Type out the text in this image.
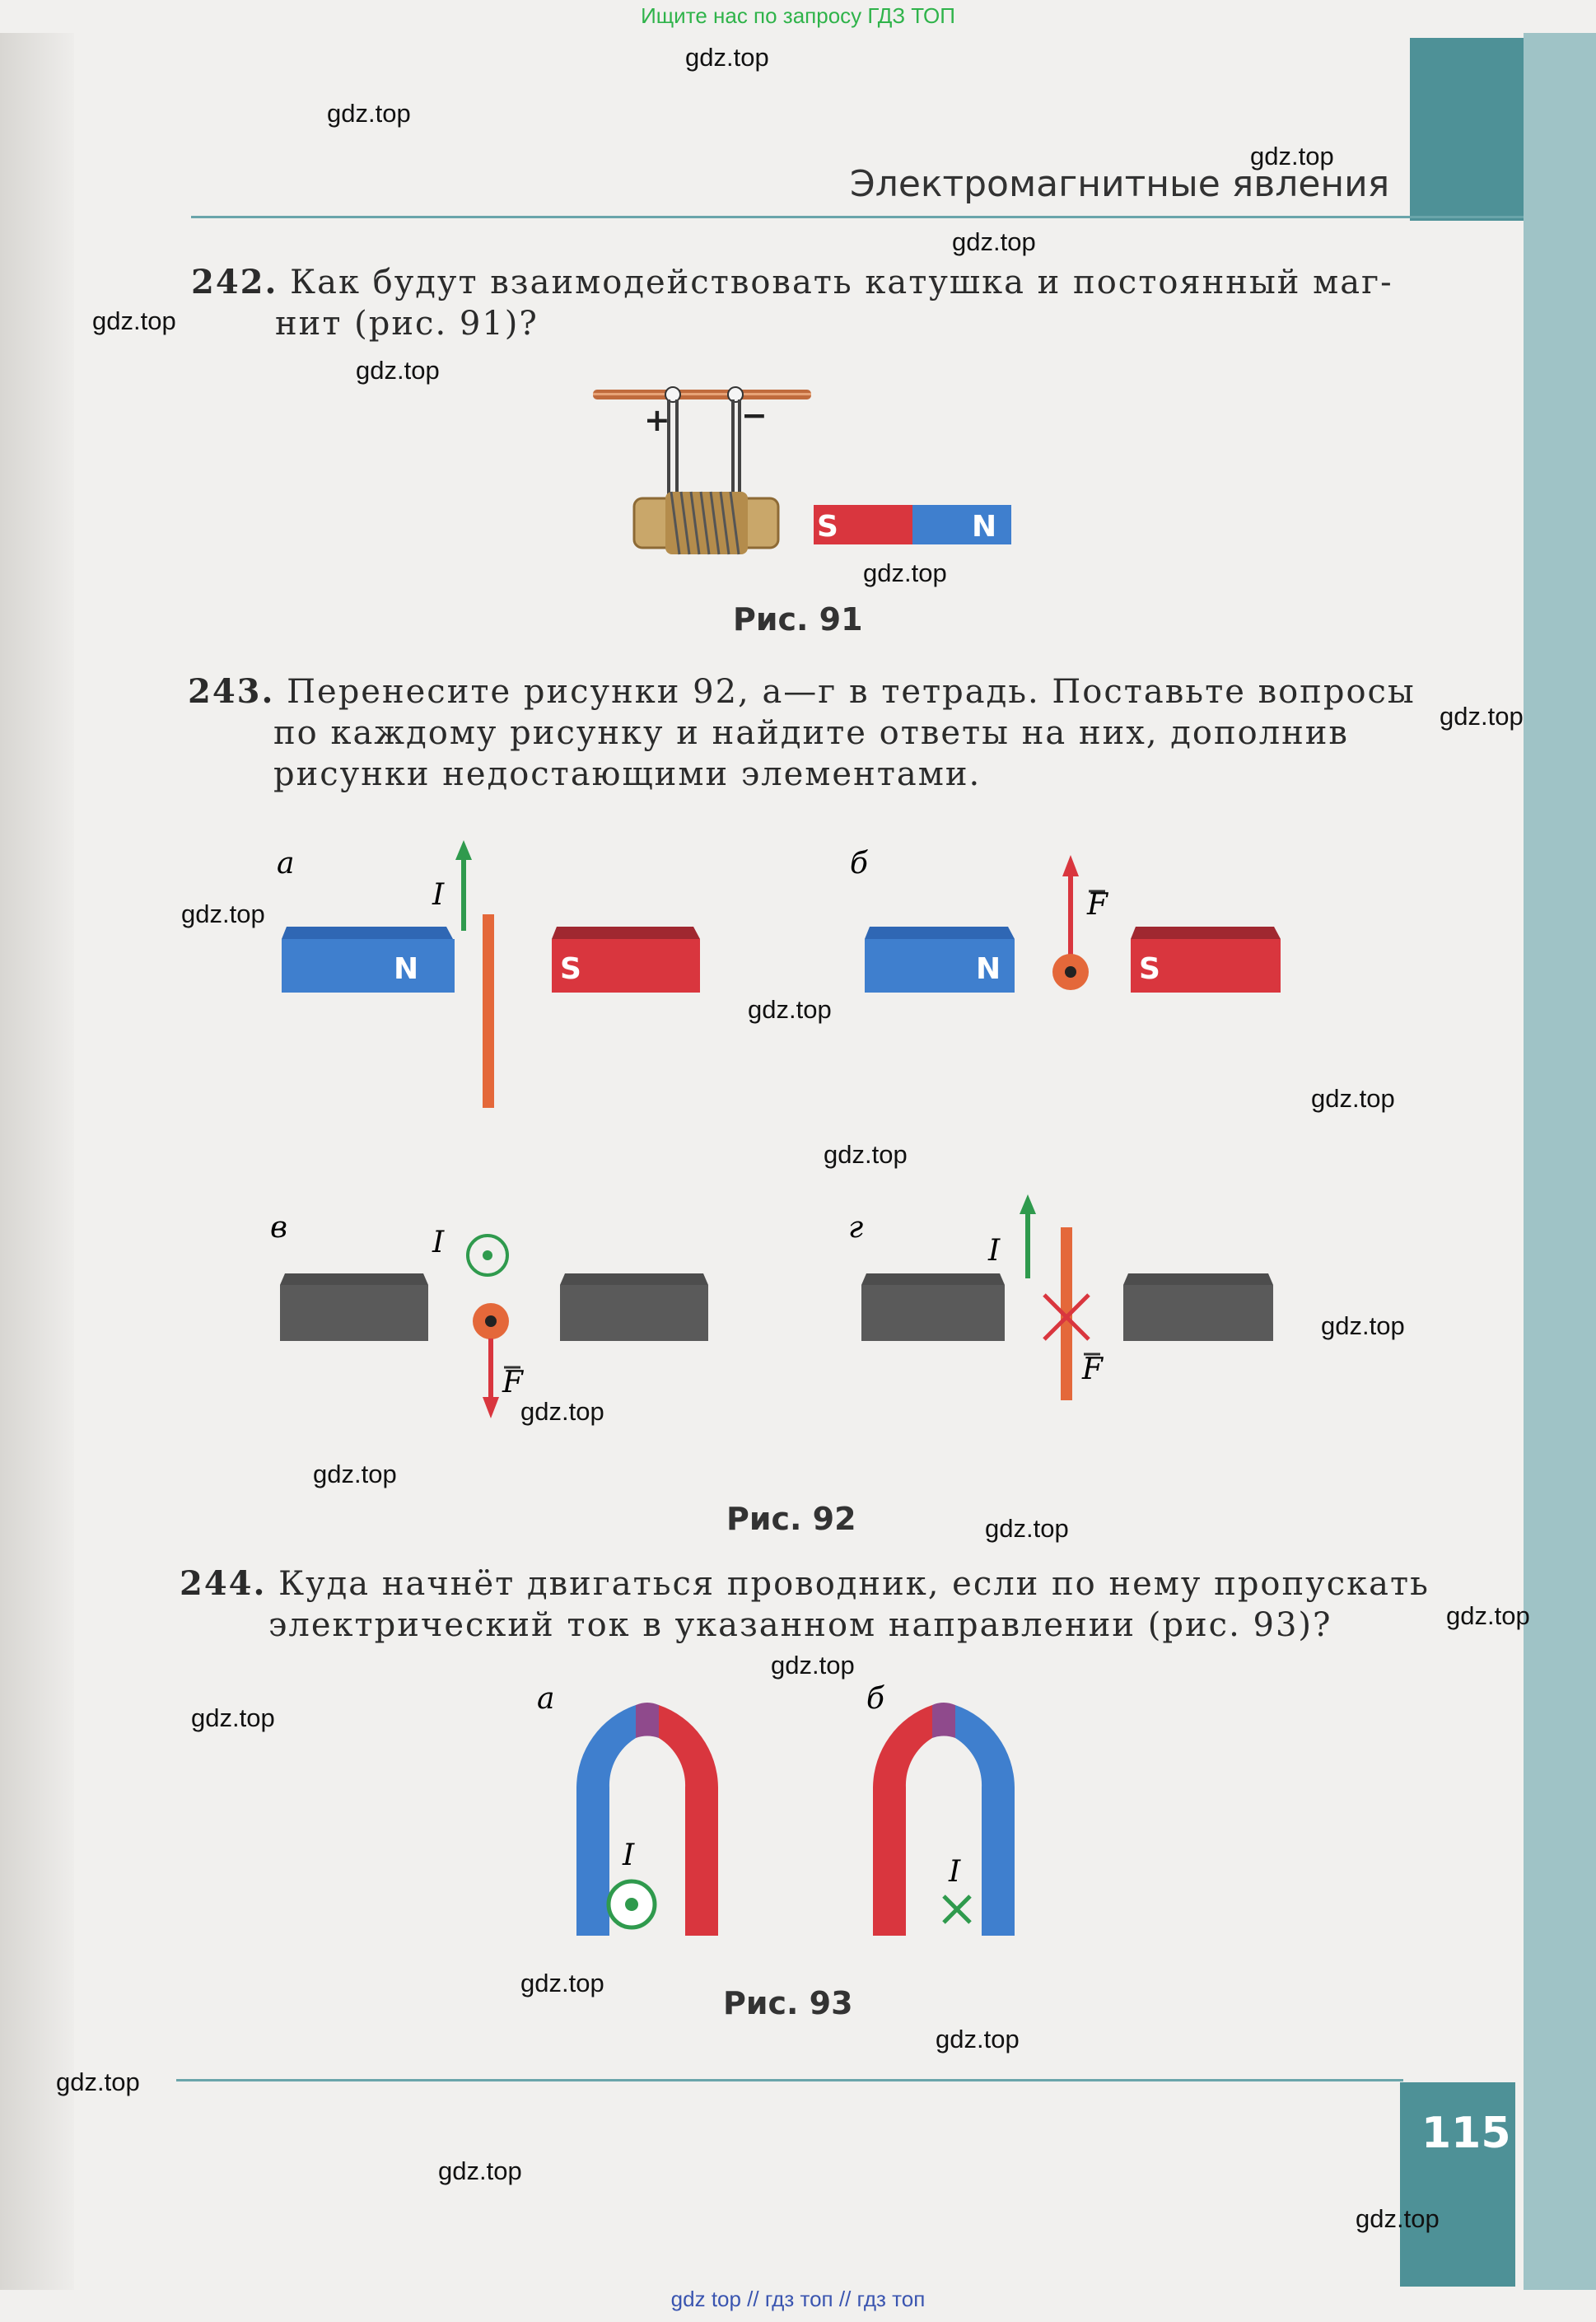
Ищите нас по запросу ГДЗ ТОП
115
Электромагнитные явления
242. Как будут взаимодействовать катушка и постоянный маг-
нит (рис. 91)?
+ −
S	N
Рис. 91
243. Перенесите рисунки 92, а—г в тетрадь. Поставьте вопросы
по каждому рисунку и найдите ответы на них, дополнив
рисунки недостающими элементами.
а
N
I
S
б
N
F
S
в	I
F
г
I
F
Рис. 92
244. Куда начнёт двигаться проводник, если по нему пропускать
электрический ток в указанном направлении (рис. 93)?
а
I
б
I
Рис. 93
gdz.top
gdz.top
gdz.top
gdz.top
gdz.top
gdz.top
gdz.top
gdz.top
gdz.top
gdz.top
gdz.top
gdz.top
gdz.top
gdz.top
gdz.top
gdz.top
gdz.top
gdz.top
gdz.top
gdz.top
gdz.top
gdz.top
gdz.top
gdz.top
gdz top // гдз топ // гдз топ
